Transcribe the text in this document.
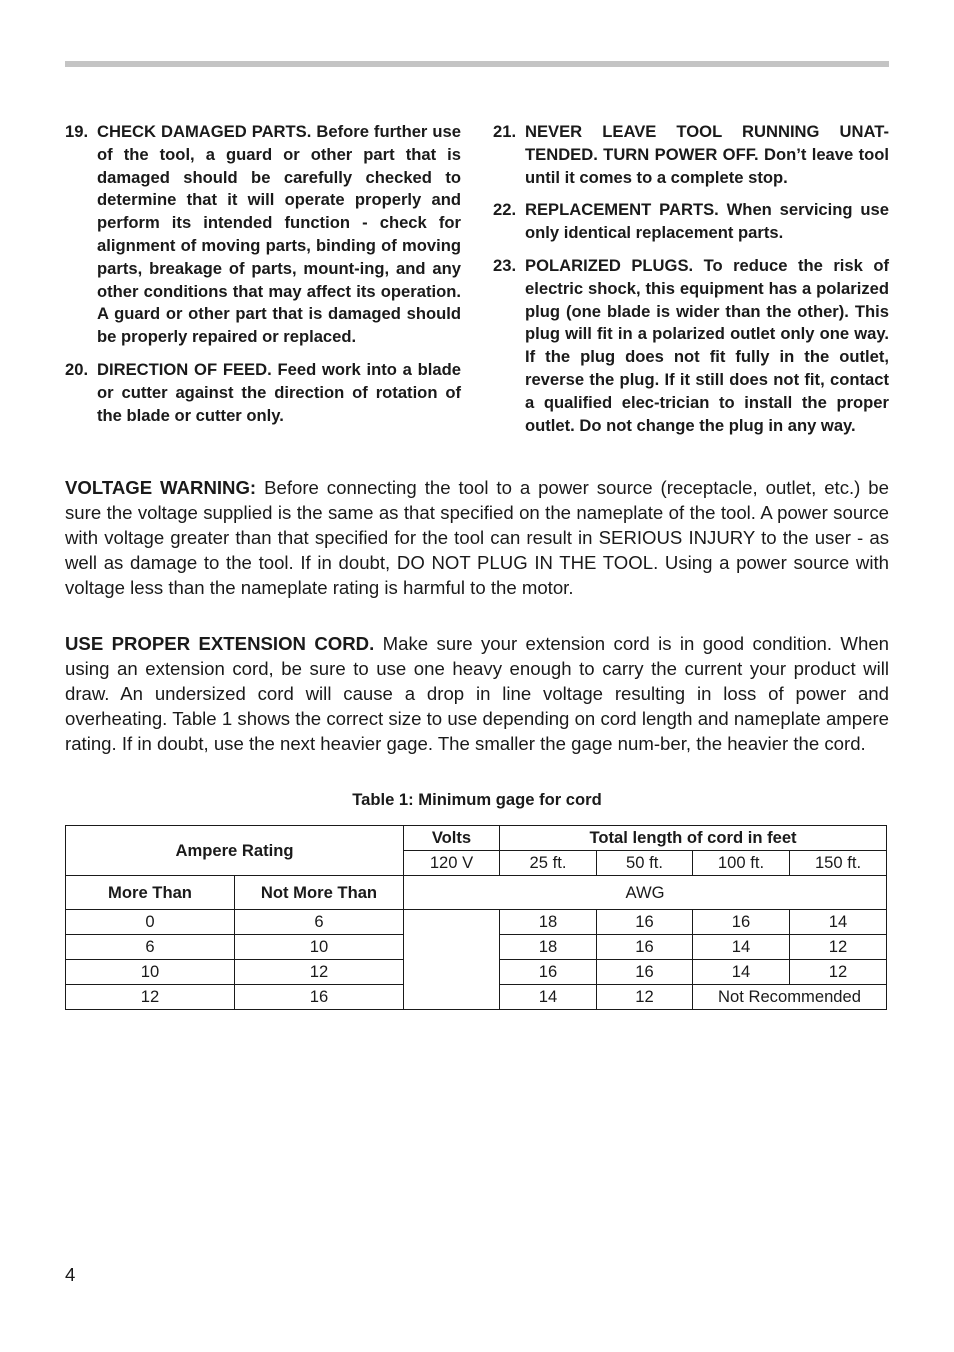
19. CHECK DAMAGED PARTS. Before further use of the tool, a guard or other part that is damaged should be carefully checked to determine that it will operate properly and perform its intended function - check for alignment of moving parts, binding of moving parts, breakage of parts, mount-ing, and any other conditions that may affect its operation. A guard or other part that is damaged should be properly repaired or replaced.
20. DIRECTION OF FEED. Feed work into a blade or cutter against the direction of rotation of the blade or cutter only.
21. NEVER LEAVE TOOL RUNNING UNAT-TENDED. TURN POWER OFF. Don’t leave tool until it comes to a complete stop.
22. REPLACEMENT PARTS. When servicing use only identical replacement parts.
23. POLARIZED PLUGS. To reduce the risk of electric shock, this equipment has a polarized plug (one blade is wider than the other). This plug will fit in a polarized outlet only one way. If the plug does not fit fully in the outlet, reverse the plug. If it still does not fit, contact a qualified elec-trician to install the proper outlet. Do not change the plug in any way.

VOLTAGE WARNING: Before connecting the tool to a power source (receptacle, outlet, etc.) be sure the voltage supplied is the same as that specified on the nameplate of the tool. A power source with voltage greater than that specified for the tool can result in SERIOUS INJURY to the user - as well as damage to the tool. If in doubt, DO NOT PLUG IN THE TOOL. Using a power source with voltage less than the nameplate rating is harmful to the motor.

USE PROPER EXTENSION CORD. Make sure your extension cord is in good condition. When using an extension cord, be sure to use one heavy enough to carry the current your product will draw. An undersized cord will cause a drop in line voltage resulting in loss of power and overheating. Table 1 shows the correct size to use depending on cord length and nameplate ampere rating. If in doubt, use the next heavier gage. The smaller the gage num-ber, the heavier the cord.

Table 1: Minimum gage for cord
Ampere Rating		Volts	Total length of cord in feet			
		120 V	25 ft.	50 ft.	100 ft.	150 ft.
More Than	Not More Than	AWG				
0	6		18	16	16	14
6	10		18	16	14	12
10	12		16	16	14	12
12	16		14	12	Not Recommended	
4
